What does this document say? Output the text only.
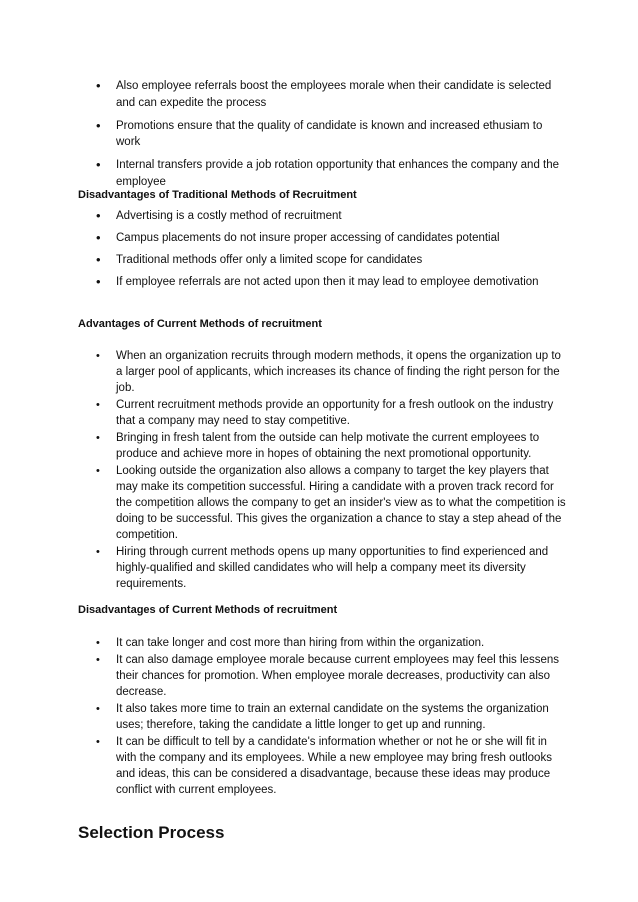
• Also employee referrals boost the employees morale when their candidate is selected and can expedite the process
• Promotions ensure that the quality of candidate is known and increased ethusiam to work
• Internal transfers provide a job rotation opportunity that enhances the company and the employee
Disadvantages of Traditional Methods of Recruitment
• Advertising is a costly method of recruitment
• Campus placements do not insure proper accessing of candidates potential
• Traditional methods offer only a limited scope for candidates
• If employee referrals are not acted upon then it may lead to employee demotivation
Advantages of Current Methods of recruitment
• When an organization recruits through modern methods, it opens the organization up to a larger pool of applicants, which increases its chance of finding the right person for the job.
• Current recruitment methods provide an opportunity for a fresh outlook on the industry that a company may need to stay competitive.
• Bringing in fresh talent from the outside can help motivate the current employees to produce and achieve more in hopes of obtaining the next promotional opportunity.
• Looking outside the organization also allows a company to target the key players that may make its competition successful. Hiring a candidate with a proven track record for the competition allows the company to get an insider's view as to what the competition is doing to be successful. This gives the organization a chance to stay a step ahead of the competition.
• Hiring through current methods opens up many opportunities to find experienced and highly-qualified and skilled candidates who will help a company meet its diversity requirements.
Disadvantages of Current Methods of recruitment
• It can take longer and cost more than hiring from within the organization.
• It can also damage employee morale because current employees may feel this lessens their chances for promotion. When employee morale decreases, productivity can also decrease.
• It also takes more time to train an external candidate on the systems the organization uses; therefore, taking the candidate a little longer to get up and running.
• It can be difficult to tell by a candidate's information whether or not he or she will fit in with the company and its employees. While a new employee may bring fresh outlooks and ideas, this can be considered a disadvantage, because these ideas may produce conflict with current employees.
Selection Process
